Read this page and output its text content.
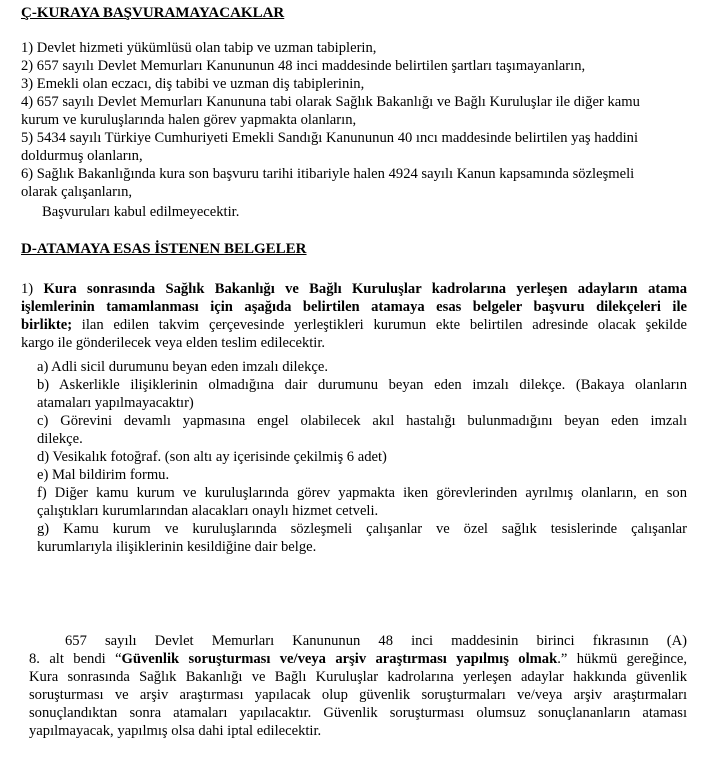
Ç-KURAYA BAŞVURAMAYACAKLAR
1) Devlet hizmeti yükümlüsü olan tabip ve uzman tabiplerin,
2) 657 sayılı Devlet Memurları Kanununun 48 inci maddesinde belirtilen şartları taşımayanların,
3) Emekli olan eczacı, diş tabibi ve uzman diş tabiplerinin,
4) 657 sayılı Devlet Memurları Kanununa tabi olarak Sağlık Bakanlığı ve Bağlı Kuruluşlar ile diğer kamu
kurum ve kuruluşlarında halen görev yapmakta olanların,
5) 5434 sayılı Türkiye Cumhuriyeti Emekli Sandığı Kanununun 40 ıncı maddesinde belirtilen yaş haddini
doldurmuş olanların,
6) Sağlık Bakanlığında kura son başvuru tarihi itibariyle halen 4924 sayılı Kanun kapsamında sözleşmeli
olarak çalışanların,
Başvuruları kabul edilmeyecektir.
D-ATAMAYA ESAS İSTENEN BELGELER
1) Kura sonrasında Sağlık Bakanlığı ve Bağlı Kuruluşlar kadrolarına yerleşen adayların atama
işlemlerinin tamamlanması için aşağıda belirtilen atamaya esas belgeler başvuru dilekçeleri ile
birlikte; ilan edilen takvim çerçevesinde yerleştikleri kurumun ekte belirtilen adresinde olacak şekilde
kargo ile gönderilecek veya elden teslim edilecektir.
a) Adli sicil durumunu beyan eden imzalı dilekçe.
b) Askerlikle ilişiklerinin olmadığına dair durumunu beyan eden imzalı dilekçe. (Bakaya olanların
atamaları yapılmayacaktır)
c) Görevini devamlı yapmasına engel olabilecek akıl hastalığı bulunmadığını beyan eden imzalı
dilekçe.
d) Vesikalık fotoğraf. (son altı ay içerisinde çekilmiş 6 adet)
e) Mal bildirim formu.
f) Diğer kamu kurum ve kuruluşlarında görev yapmakta iken görevlerinden ayrılmış olanların, en son
çalıştıkları kurumlarından alacakları onaylı hizmet cetveli.
g) Kamu kurum ve kuruluşlarında sözleşmeli çalışanlar ve özel sağlık tesislerinde çalışanlar
kurumlarıyla ilişiklerinin kesildiğine dair belge.
657 sayılı Devlet Memurları Kanununun 48 inci maddesinin birinci fıkrasının (A)
8. alt bendi “Güvenlik soruşturması ve/veya arşiv araştırması yapılmış olmak.” hükmü gereğince,
Kura sonrasında Sağlık Bakanlığı ve Bağlı Kuruluşlar kadrolarına yerleşen adaylar hakkında güvenlik
soruşturması ve arşiv araştırması yapılacak olup güvenlik soruşturmaları ve/veya arşiv araştırmaları
sonuçlandıktan sonra atamaları yapılacaktır. Güvenlik soruşturması olumsuz sonuçlananların ataması
yapılmayacak, yapılmış olsa dahi iptal edilecektir.
